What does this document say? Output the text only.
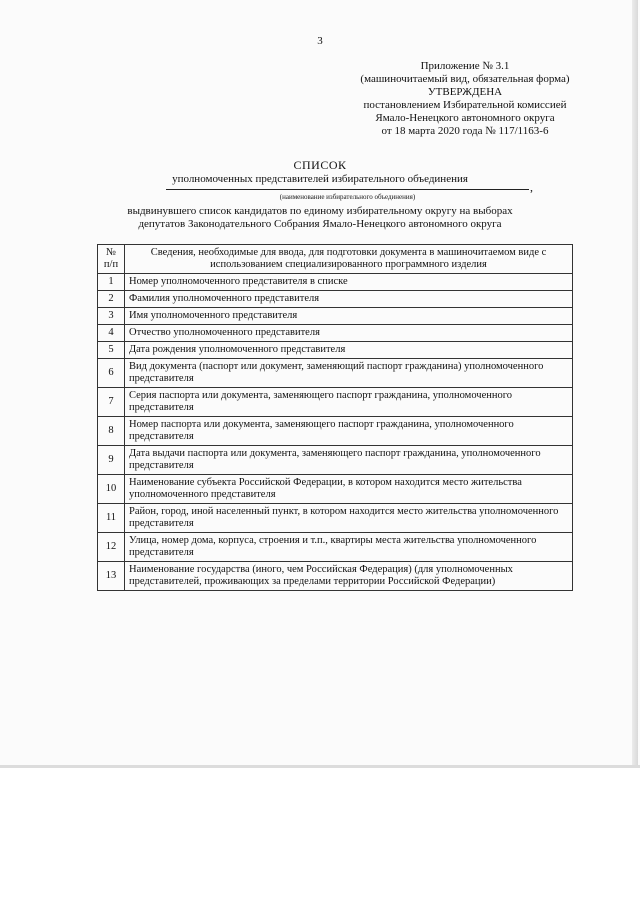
3
Приложение № 3.1
(машиночитаемый вид, обязательная форма)
УТВЕРЖДЕНА
постановлением Избирательной комиссией
Ямало-Ненецкого автономного округа
от 18 марта 2020 года № 117/1163-6
СПИСОК
уполномоченных представителей избирательного объединения
,
(наименование избирательного объединения)
выдвинувшего список кандидатов по единому избирательному округу на выборах
депутатов Законодательного Собрания Ямало-Ненецкого автономного округа
№ п/п	Сведения, необходимые для ввода, для подготовки документа в машиночитаемом виде с использованием специализированного программного изделия
1	Номер уполномоченного представителя в списке
2	Фамилия уполномоченного представителя
3	Имя уполномоченного представителя
4	Отчество уполномоченного представителя
5	Дата рождения уполномоченного представителя
6	Вид документа (паспорт или документ, заменяющий паспорт гражданина) уполномоченного представителя
7	Серия паспорта или документа, заменяющего паспорт гражданина, уполномоченного представителя
8	Номер паспорта или документа, заменяющего паспорт гражданина, уполномоченного представителя
9	Дата выдачи паспорта или документа, заменяющего паспорт гражданина, уполномоченного представителя
10	Наименование субъекта Российской Федерации, в котором находится место жительства уполномоченного представителя
11	Район, город, иной населенный пункт, в котором находится место жительства уполномоченного представителя
12	Улица, номер дома, корпуса, строения и т.п., квартиры места жительства уполномоченного представителя
13	Наименование государства (иного, чем Российская Федерация) (для уполномоченных представителей, проживающих за пределами территории Российской Федерации)
